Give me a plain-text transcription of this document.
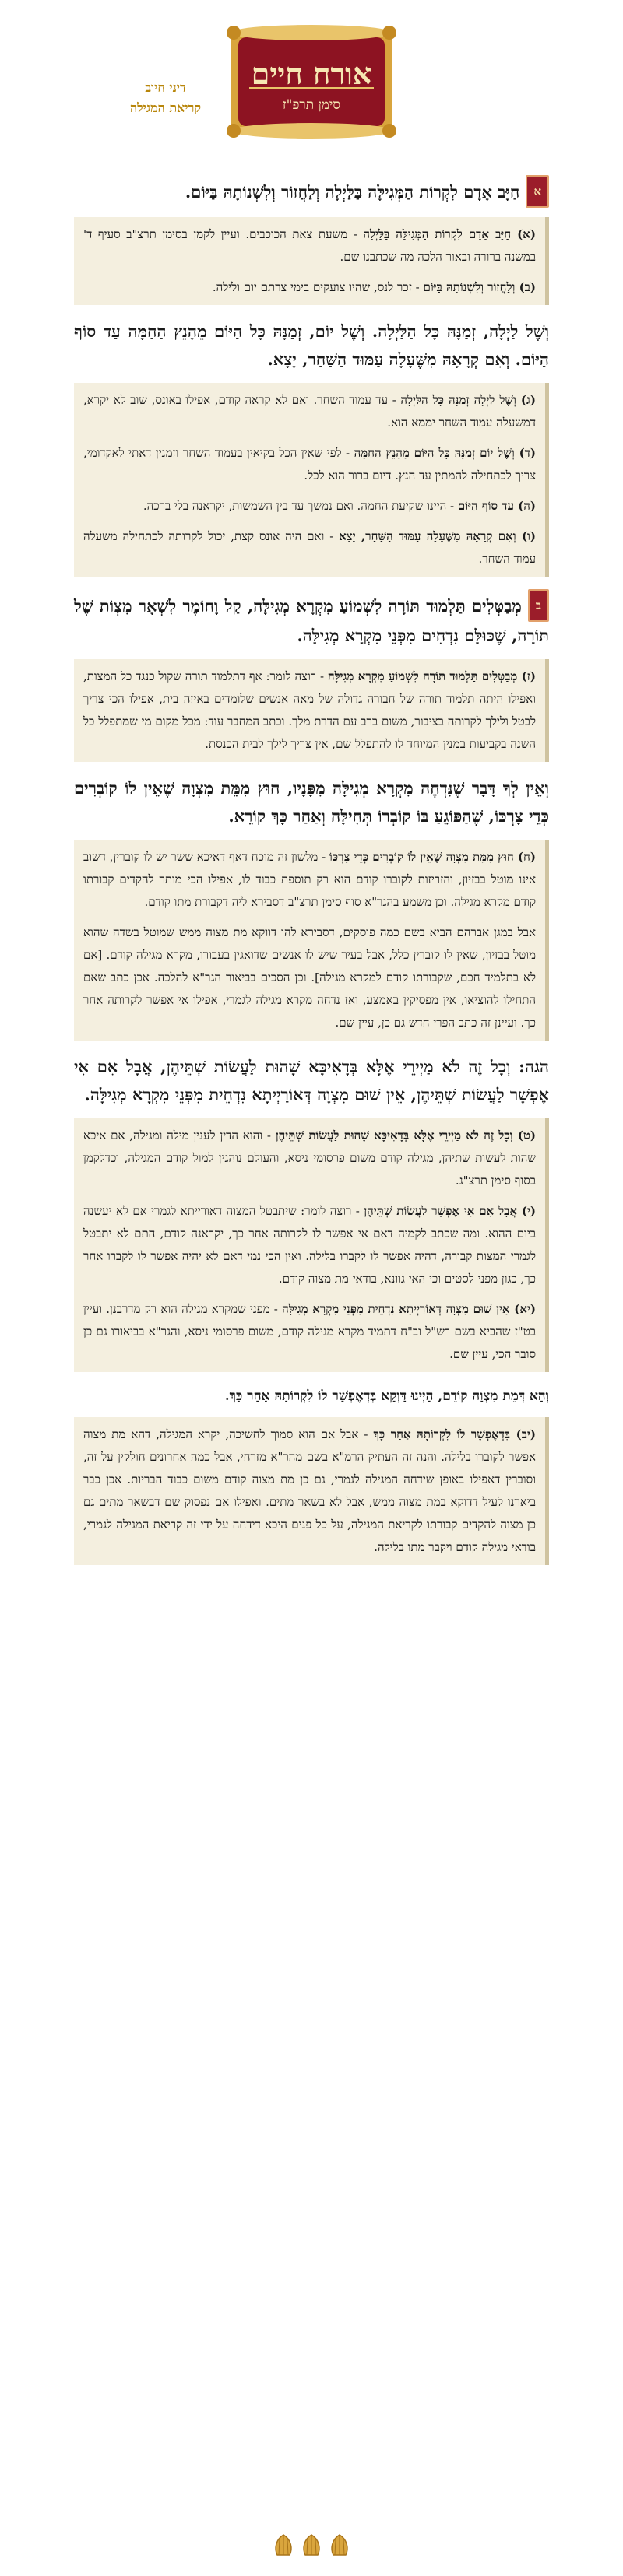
אורח חיים
סימן תרפ"ז
דיני חיוב
קריאת המגילה
אחַיָּב אָדָם לִקְרוֹת הַמְּגִילָּה בַּלַּיְלָה וְלַחֲזוֹר וְלִשְׁנוֹתָהּ בַּיּוֹם.

(א) חַיָּב אָדָם לִקְרוֹת הַמְּגִילָּה בַּלַּיְלָה - משעת צאת הכוכבים. ועיין לקמן בסימן תרצ"ב סעיף ד' במשנה ברורה ובאור הלכה מה שכתבנו שם.

(ב) וְלַחֲזוֹר וְלִשְׁנוֹתָהּ בַּיּוֹם - זכר לנס, שהיו צועקים בימי צרתם יום ולילה.

וְשֶׁל לַיְלָה, זְמַנָּהּ כָּל הַלַּיְלָה. וְשֶׁל יוֹם, זְמַנָּהּ כָּל הַיּוֹם מֵהָנֵץ הַחַמָּה עַד סוֹף הַיּוֹם. וְאִם קְרָאָהּ מִשֶּׁעָלָה עַמּוּד הַשַּׁחַר, יָצָא.

(ג) וְשֶׁל לַיְלָה זְמַנָּהּ כָּל הַלַּיְלָה - עד עמוד השחר. ואם לא קראה קודם, אפילו באונס, שוב לא יקרא, דמשעלה עמוד השחר יממא הוא.

(ד) וְשֶׁל יוֹם זְמַנָּהּ כָּל הַיּוֹם מֵהָנֵץ הַחַמָּה - לפי שאין הכל בקיאין בעמוד השחר וזמנין דאתי לאקדומי, צריך לכתחילה להמתין עד הנץ. דיום ברור הוא לכל.

(ה) עַד סוֹף הַיּוֹם - היינו שקיעת החמה. ואם נמשך עד בין השמשות, יקראנה בלי ברכה.

(ו) וְאִם קְרָאָהּ מִשֶּׁעָלָה עַמּוּד הַשַּׁחַר, יָצָא - ואם היה אונס קצת, יכול לקרותה לכתחילה משעלה עמוד השחר.

במְבַטְּלִים תַּלְמוּד תּוֹרָה לִשְׁמוֹעַ מִקְרָא מְגִילָּה, קַל וָחוֹמֶר לִשְׁאָר מִצְוֹת שֶׁל תּוֹרָה, שֶׁכּוּלָּם נִדְחִים מִפְּנֵי מִקְרָא מְגִילָּה.

(ז) מְבַטְּלִים תַּלְמוּד תּוֹרָה לִשְׁמוֹעַ מִקְרָא מְגִילָּה - רוצה לומר: אף דתלמוד תורה שקול כנגד כל המצות, ואפילו היתה תלמוד תורה של חבורה גדולה של מאה אנשים שלומדים באיזה בית, אפילו הכי צריך לבטל ולילך לקרותה בציבור, משום ברב עם הדרת מלך. וכתב המחבר עוד: מכל מקום מי שמתפלל כל השנה בקביעות במנין המיוחד לו להתפלל שם, אין צריך לילך לבית הכנסת.

וְאֵין לְךָ דָּבָר שֶׁנִּדְחֶה מִקְרָא מְגִילָּה מִפָּנָיו, חוּץ מִמֵּת מִצְוָה שֶׁאֵין לוֹ קוֹבְרִים כְּדֵי צָרְכּוֹ, שֶׁהַפּוֹגֵעַ בּוֹ קוֹבְרוֹ תְּחִילָּה וְאַחַר כָּךְ קוֹרֵא.

(ח) חוּץ מִמֵּת מִצְוָה שֶׁאֵין לוֹ קוֹבְרִים כְּדֵי צָרְכּוֹ - מלשון זה מוכח דאף דאיכא ששר יש לו קוברין, דשוב אינו מוטל בבזיון, והזריזות לקוברו קודם הוא רק תוספת כבוד לו, אפילו הכי מותר להקדים קבורתו קודם מקרא מגילה. וכן משמע בהגר"א סוף סימן תרצ"ב דסבירא ליה דקבורת מתו קודם.

אבל במגן אברהם הביא בשם כמה פוסקים, דסבירא להו דווקא מת מצוה ממש שמוטל בשדה שהוא מוטל בבזיון, שאין לו קוברין כלל, אבל בעיר שיש לו אנשים שדואגין בעבורו, מקרא מגילה קודם. [אם לא בתלמיד חכם, שקבורתו קודם למקרא מגילה]. וכן הסכים בביאור הגר"א להלכה. אכן כתב שאם התחילו להוציאו, אין מפסיקין באמצע, ואז נדחה מקרא מגילה לגמרי, אפילו אי אפשר לקרותה אחר כך. ועיינן זה כתב הפרי חדש גם כן, עיין שם.

הגה: וְכָל זֶה לֹא מַיְירֵי אֶלָּא בְּדָאִיכָּא שָׁהוּת לַעֲשׂוֹת שְׁתֵּיהֶן, אֲבָל אִם אִי אֶפְשָׁר לַעֲשׂוֹת שְׁתֵּיהֶן, אֵין שׁוּם מִצְוָה דְּאוֹרַיְיתָא נִדְחֵית מִפְּנֵי מִקְרָא מְגִילָּה.

(ט) וְכָל זֶה לֹא מַיְירֵי אֶלָּא בְּדָאִיכָּא שָׁהוּת לַעֲשׂוֹת שְׁתֵּיהֶן - והוא הדין לענין מילה ומגילה, אם איכא שהות לעשות שתיהן, מגילה קודם משום פרסומי ניסא, והעולם נוהגין למול קודם המגילה, וכדלקמן בסוף סימן תרצ"ג.

(י) אֲבָל אִם אִי אֶפְשָׁר לַעֲשׂוֹת שְׁתֵּיהֶן - רוצה לומר: שיתבטל המצוה דאורייתא לגמרי אם לא יעשנה ביום ההוא. ומה שכתב לקמיה דאם אי אפשר לו לקרותה אחר כך, יקראנה קודם, התם לא יתבטל לגמרי המצות קבורה, דהיה אפשר לו לקברו בלילה. ואין הכי נמי דאם לא יהיה אפשר לו לקברו אחר כך, כגון מפני לסטים וכי האי גוונא, בודאי מת מצוה קודם.

(יא) אֵין שׁוּם מִצְוָה דְּאוֹרַיְיתָא נִדְחֵית מִפְּנֵי מִקְרָא מְגִילָּה - מפני שמקרא מגילה הוא רק מדרבנן. ועיין בט"ז שהביא בשם רש"ל וב"ח דתמיד מקרא מגילה קודם, משום פרסומי ניסא, והגר"א בביאורו גם כן סובר הכי, עיין שם.

וְהָא דְּמֵת מִצְוָה קוֹדֵם, הַיְינוּ דַּוְקָא בְּדְאֶפְשָׁר לוֹ לִקְרוֹתָהּ אַחַר כָּךְ.

(יב) בִּדְאֶפְשָׁר לוֹ לִקְרוֹתָהּ אַחַר כָּךְ - אבל אם הוא סמוך לחשיכה, יקרא המגילה, דהא מת מצוה אפשר לקוברו בלילה. והנה זה העתיק הרמ"א בשם מהר"א מזרחי, אבל כמה אחרונים חולקין על זה, וסוברין דאפילו באופן שידחה המגילה לגמרי, גם כן מת מצוה קודם משום כבוד הבריות. אכן כבר ביארנו לעיל דדוקא במת מצוה ממש, אבל לא בשאר מתים. ואפילו אם נפסוק שם דבשאר מתים גם כן מצוה להקדים קבורתו לקריאת המגילה, על כל פנים היכא דידחה על ידי זה קריאת המגילה לגמרי, בודאי מגילה קודם ויקבר מתו בלילה.
